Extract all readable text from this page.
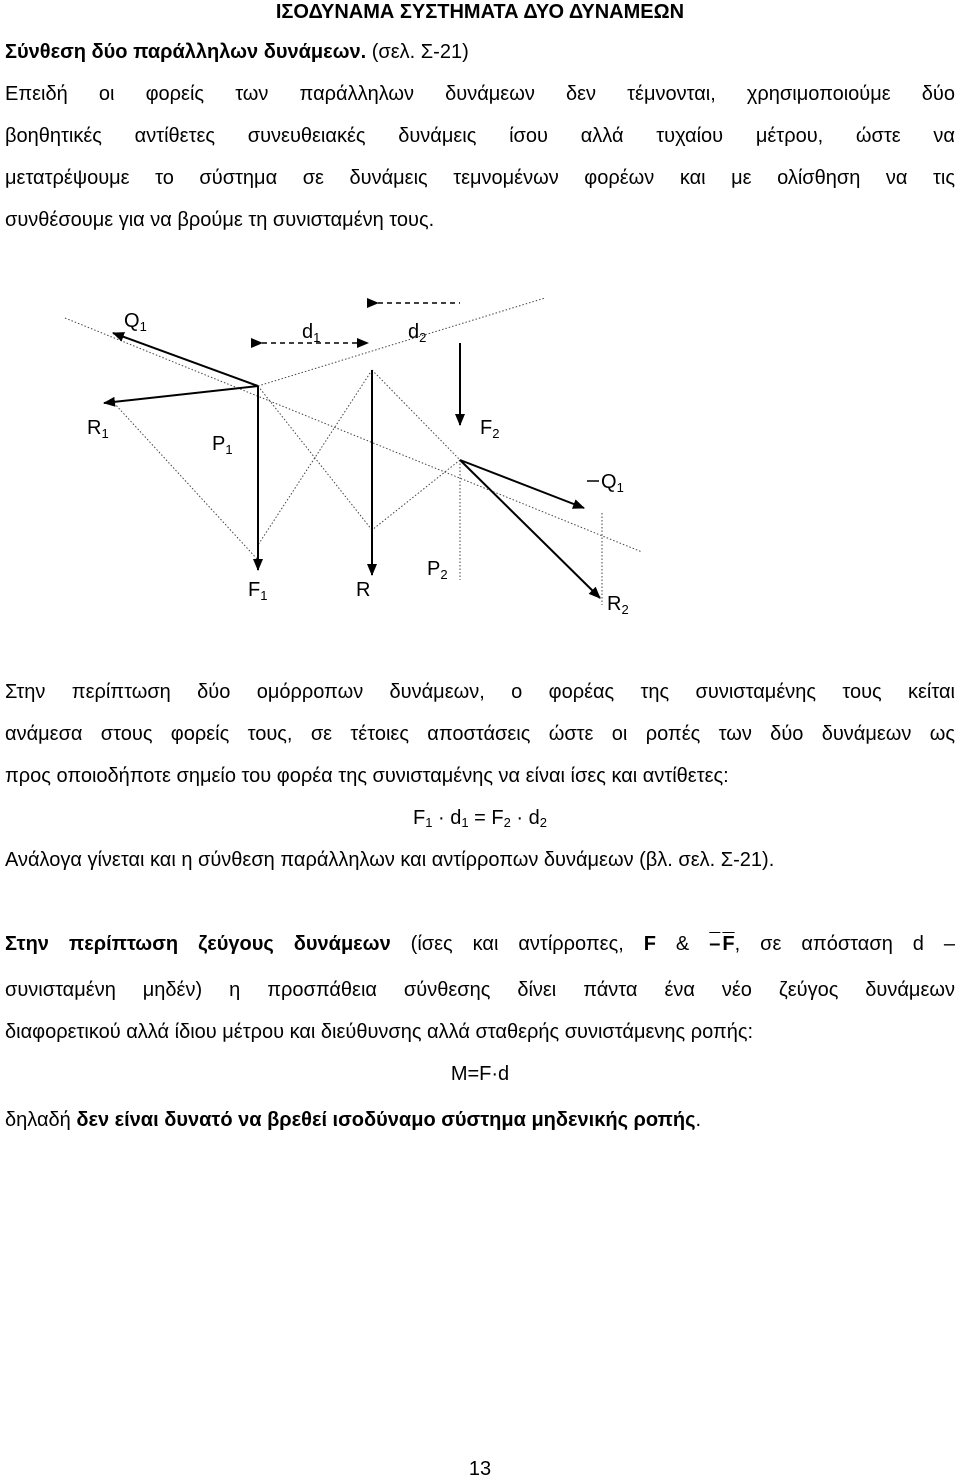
ΙΣΟΔΥΝΑΜΑ ΣΥΣΤΗΜΑΤΑ ΔΥΟ ΔΥΝΑΜΕΩΝ
Σύνθεση δύο παράλληλων δυνάμεων. (σελ. Σ-21)
Επειδή οι φορείς των παράλληλων δυνάμεων δεν τέμνονται, χρησιμοποιούμε δύο
βοηθητικές αντίθετες συνευθειακές δυνάμεις ίσου αλλά τυχαίου μέτρου, ώστε να
μετατρέψουμε το σύστημα σε δυνάμεις τεμνομένων φορέων και με ολίσθηση να τις
συνθέσουμε για να βρούμε τη συνισταμένη τους.
$Q_1$	$d_1$	$d_2$
$R_1$	$P_1$
$F_2$
$Q_1$
$F_1$	R
$P_2$
$R_2$
Στην περίπτωση δύο ομόρροπων δυνάμεων, ο φορέας της συνισταμένης τους κείται
ανάμεσα στους φορείς τους, σε τέτοιες αποστάσεις ώστε οι ροπές των δύο δυνάμεων ως
προς οποιοδήποτε σημείο του φορέα της συνισταμένης να είναι ίσες και αντίθετες:
$F_1 \cdot d_1 = F_2 \cdot d_2$
Ανάλογα γίνεται και η σύνθεση παράλληλων και αντίρροπων δυνάμεων (βλ. σελ. Σ-21).
Στην περίπτωση ζεύγους δυνάμεων (ίσες και αντίρροπες, F & – F, σε απόσταση d –
συνισταμένη μηδέν) η προσπάθεια σύνθεσης δίνει πάντα ένα νέο ζεύγος δυνάμεων
διαφορετικού αλλά ίδιου μέτρου και διεύθυνσης αλλά σταθερής συνιστάμενης ροπής:
M=F·d
δηλαδή δεν είναι δυνατό να βρεθεί ισοδύναμο σύστημα μηδενικής ροπής.
13
